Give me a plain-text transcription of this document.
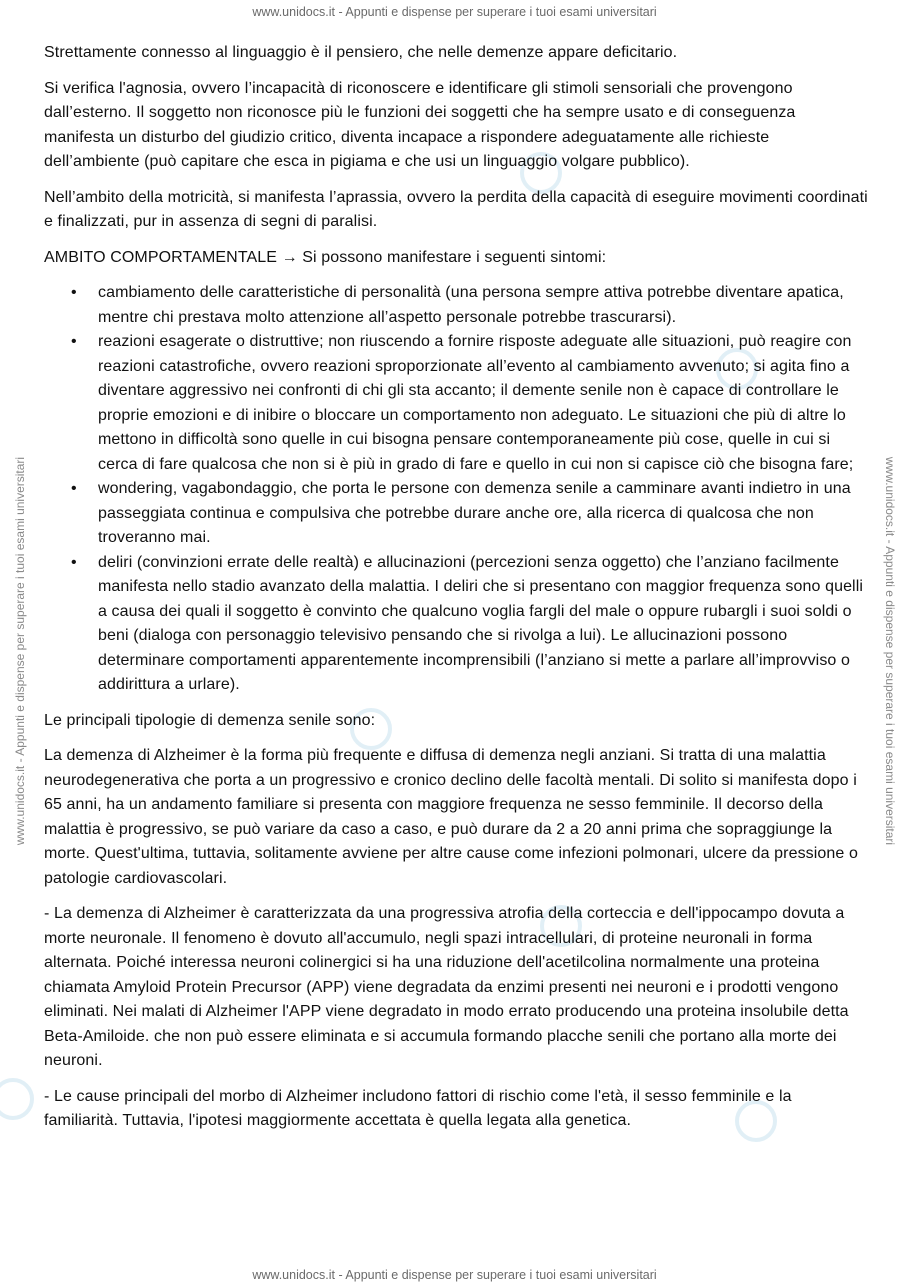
www.unidocs.it - Appunti e dispense per superare i tuoi esami universitari
www.unidocs.it - Appunti e dispense per superare i tuoi esami universitari	www.unidocs.it - Appunti e dispense per superare i tuoi esami universitari

Strettamente connesso al linguaggio è il pensiero, che nelle demenze appare deficitario.

Si verifica l'agnosia, ovvero l’incapacità di riconoscere e identificare gli stimoli sensoriali che provengono dall’esterno. Il soggetto non riconosce più le funzioni dei soggetti che ha sempre usato e di conseguenza manifesta un disturbo del giudizio critico, diventa incapace a rispondere adeguatamente alle richieste dell’ambiente (può capitare che esca in pigiama e che usi un linguaggio volgare pubblico).

Nell’ambito della motricità, si manifesta l’aprassia, ovvero la perdita della capacità di eseguire movimenti coordinati e finalizzati, pur in assenza di segni di paralisi.

AMBITO COMPORTAMENTALE → Si possono manifestare i seguenti sintomi:

• cambiamento delle caratteristiche di personalità (una persona sempre attiva potrebbe diventare apatica, mentre chi prestava molto attenzione all’aspetto personale potrebbe trascurarsi).
• reazioni esagerate o distruttive; non riuscendo a fornire risposte adeguate alle situazioni, può reagire con reazioni catastrofiche, ovvero reazioni sproporzionate all’evento al cambiamento avvenuto; si agita fino a diventare aggressivo nei confronti di chi gli sta accanto; il demente senile non è capace di controllare le proprie emozioni e di inibire o bloccare un comportamento non adeguato. Le situazioni che più di altre lo mettono in difficoltà sono quelle in cui bisogna pensare contemporaneamente più cose, quelle in cui si cerca di fare qualcosa che non si è più in grado di fare e quello in cui non si capisce ciò che bisogna fare;
• wondering, vagabondaggio, che porta le persone con demenza senile a camminare avanti indietro in una passeggiata continua e compulsiva che potrebbe durare anche ore, alla ricerca di qualcosa che non troveranno mai.
• deliri (convinzioni errate delle realtà) e allucinazioni (percezioni senza oggetto) che l’anziano facilmente manifesta nello stadio avanzato della malattia. I deliri che si presentano con maggior frequenza sono quelli a causa dei quali il soggetto è convinto che qualcuno voglia fargli del male o oppure rubargli i suoi soldi o beni (dialoga con personaggio televisivo pensando che si rivolga a lui). Le allucinazioni possono determinare comportamenti apparentemente incomprensibili (l’anziano si mette a parlare all’improvviso o addirittura a urlare).

Le principali tipologie di demenza senile sono:

La demenza di Alzheimer è la forma più frequente e diffusa di demenza negli anziani. Si tratta di una malattia neurodegenerativa che porta a un progressivo e cronico declino delle facoltà mentali. Di solito si manifesta dopo i 65 anni, ha un andamento familiare si presenta con maggiore frequenza ne sesso femminile. Il decorso della malattia è progressivo, se può variare da caso a caso, e può durare da 2 a 20 anni prima che sopraggiunge la morte. Quest'ultima, tuttavia, solitamente avviene per altre cause come infezioni polmonari, ulcere da pressione o patologie cardiovascolari.

- La demenza di Alzheimer è caratterizzata da una progressiva atrofia della corteccia e dell'ippocampo dovuta a morte neuronale. Il fenomeno è dovuto all'accumulo, negli spazi intracellulari, di proteine neuronali in forma alternata. Poiché interessa neuroni colinergici si ha una riduzione dell'acetilcolina normalmente una proteina chiamata Amyloid Protein Precursor (APP) viene degradata da enzimi presenti nei neuroni e i prodotti vengono eliminati. Nei malati di Alzheimer l'APP viene degradato in modo errato producendo una proteina insolubile detta Beta-Amiloide. che non può essere eliminata e si accumula formando placche senili che portano alla morte dei neuroni.

- Le cause principali del morbo di Alzheimer includono fattori di rischio come l'età, il sesso femminile e la familiarità. Tuttavia, l'ipotesi maggiormente accettata è quella legata alla genetica.

www.unidocs.it - Appunti e dispense per superare i tuoi esami universitari
